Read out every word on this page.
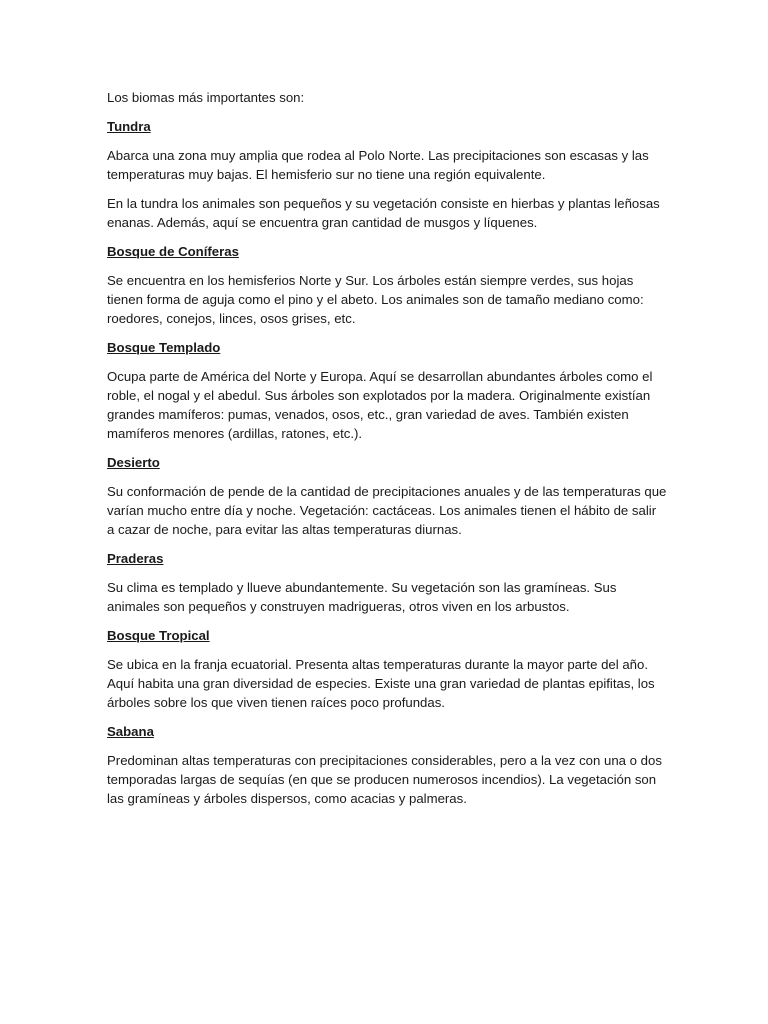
Los biomas más importantes son:

Tundra

Abarca una zona muy amplia que rodea al Polo Norte. Las precipitaciones son escasas y las temperaturas muy bajas. El hemisferio sur no tiene una región equivalente.

En la tundra los animales son pequeños y su vegetación consiste en hierbas y plantas leñosas enanas. Además, aquí se encuentra gran cantidad de musgos y líquenes.

Bosque de Coníferas

Se encuentra en los hemisferios Norte y Sur. Los árboles están siempre verdes, sus hojas tienen forma de aguja como el pino y el abeto. Los animales son de tamaño mediano como: roedores, conejos, linces, osos grises, etc.

Bosque Templado

Ocupa parte de América del Norte y Europa. Aquí se desarrollan abundantes árboles como el roble, el nogal y el abedul. Sus árboles son explotados por la madera. Originalmente existían grandes mamíferos: pumas, venados, osos, etc., gran variedad de aves. También existen mamíferos menores (ardillas, ratones, etc.).

Desierto

Su conformación de pende de la cantidad de precipitaciones anuales y de las temperaturas que varían mucho entre día y noche. Vegetación: cactáceas. Los animales tienen el hábito de salir a cazar de noche, para evitar las altas temperaturas diurnas.

Praderas

Su clima es templado y llueve abundantemente. Su vegetación son las gramíneas. Sus animales son pequeños y construyen madrigueras, otros viven en los arbustos.

Bosque Tropical

Se ubica en la franja ecuatorial. Presenta altas temperaturas durante la mayor parte del año. Aquí habita una gran diversidad de especies. Existe una gran variedad de plantas epifitas, los árboles sobre los que viven tienen raíces poco profundas.

Sabana

Predominan altas temperaturas con precipitaciones considerables, pero a la vez con una o dos temporadas largas de sequías (en que se producen numerosos incendios). La vegetación son las gramíneas y árboles dispersos, como acacias y palmeras.
